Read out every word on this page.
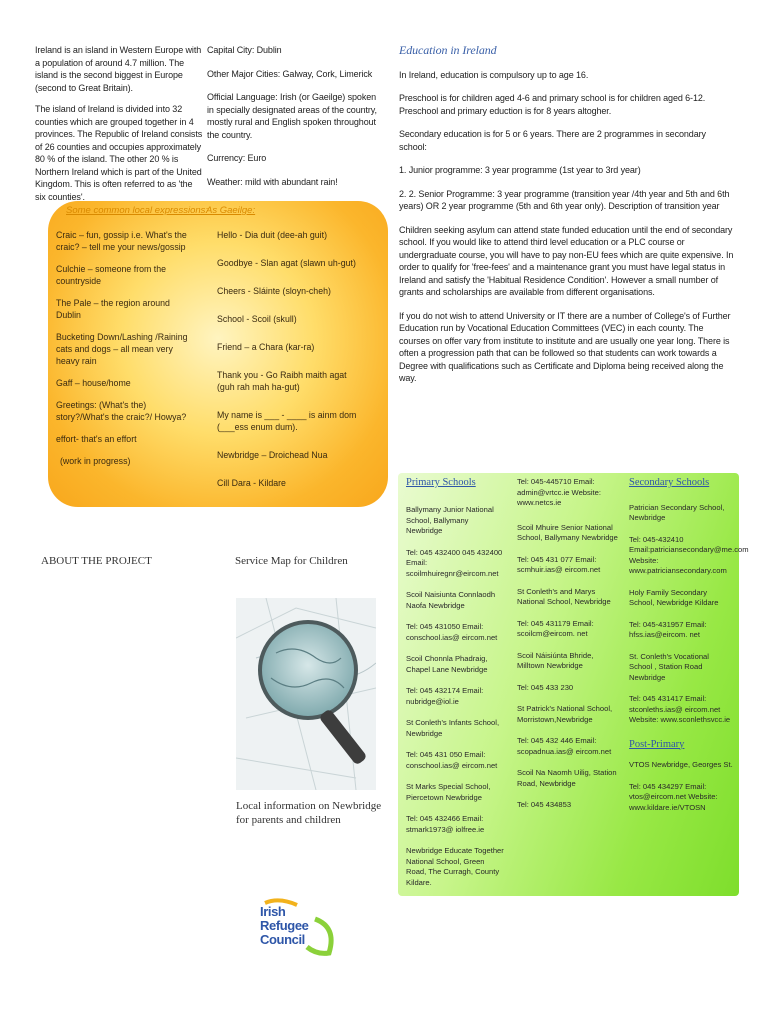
Ireland is an island in Western Europe with a population of around 4.7 million. The island is the second biggest in Europe (second to Great Britain).

The island of Ireland is divided into 32 counties which are grouped together in 4 provinces. The Republic of Ireland consists of 26 counties and occupies approximately 80 % of the island. The other 20 % is Northern Ireland which is part of the United Kingdom. This is often referred to as 'the six counties'.

Capital City: Dublin

Other Major Cities: Galway, Cork, Limerick

Official Language: Irish (or Gaeilge) spoken in specially designated areas of the country, mostly rural and English spoken throughout the country.

Currency: Euro

Weather: mild with abundant rain!

Education in Ireland

In Ireland, education is compulsory up to age 16.

Preschool is for children aged 4-6 and primary school is for children aged 6-12. Preschool and primary eduction is for 8 years altogher.

Secondary education is for 5 or 6 years. There are 2 programmes in secondary school:

1. Junior programme: 3 year programme (1st year to 3rd year)

2. 2. Senior Programme: 3 year programme (transition year /4th year and 5th and 6th years) OR 2 year programme (5th and 6th year only). Description of transition year

Children seeking asylum can attend state funded education until the end of secondary school. If you would like to attend third level education or a PLC course or undergraduate course, you will have to pay non-EU fees which are quite expensive. In order to qualify for 'free-fees' and a maintenance grant you must have legal status in Ireland and satisfy the 'Habitual Residence Condition'. However a small number of grants and scholarships are available from different organisations.

If you do not wish to attend University or IT there are a number of College's of Further Education run by Vocational Education Committees (VEC) in each county. The courses on offer vary from institute to institute and are usually one year long. There is often a progression path that can be followed so that students can work towards a Degree with qualifications such as Certificate and Diploma being received along the way.

Some common local expressions:
As Gaeilge:

Craic – fun, gossip i.e. What's the craic? – tell me your news/gossip

Culchie – someone from the countryside

The Pale – the region around Dublin

Bucketing Down/Lashing /Raining cats and dogs – all mean very heavy rain

Gaff – house/home

Greetings: (What's the) story?/What's the craic?/ Howya?

effort- that's an effort

(work in progress)

Hello - Dia duit (dee-ah guit)

Goodbye - Slan agat (slawn uh-gut)

Cheers - Sláinte (sloyn-cheh)

School - Scoil (skull)

Friend – a Chara (kar-ra)

Thank you - Go Raibh maith agat (guh rah mah ha-gut)

My name is ___ - ____ is ainm dom (___ess enum dum).

Newbridge – Droichead Nua

Cill Dara - Kildare

ABOUT THE PROJECT	Service Map for Children
Local information on Newbridge for parents and children
Primary Schools

Ballymany Junior National School, Ballymany Newbridge

Tel: 045 432400 045 432400 Email: scoilmhuiregnr@eircom.net

Scoil Naisiunta Connlaodh Naofa Newbridge

Tel: 045 431050 Email: conschool.ias@ eircom.net

Scoil Chonnla Phadraig, Chapel Lane Newbridge

Tel: 045 432174 Email: nubridge@iol.ie

St Conleth's Infants School, Newbridge

Tel: 045 431 050 Email: conschool.ias@ eircom.net

St Marks Special School, Piercetown Newbridge

Tel: 045 432466 Email: stmark1973@ iolfree.ie

Newbridge Educate Together National School, Green Road, The Curragh, County Kildare.

Tel: 045-445710 Email: admin@vrtcc.ie Website: www.netcs.ie

Scoil Mhuire Senior National School, Ballymany Newbridge

Tel: 045 431 077 Email: scmhuir.ias@ eircom.net

St Conleth's and Marys National School, Newbridge

Tel: 045 431179 Email: scoilcm@eircom. net

Scoil Náisiúnta Bhride, Milltown Newbridge

Tel: 045 433 230

St Patrick's National School, Morristown,Newbridge

Tel: 045 432 446 Email: scopadnua.ias@ eircom.net

Scoil Na Naomh Uilig, Station Road, Newbridge

Tel: 045 434853

Secondary Schools

Patrician Secondary School, Newbridge

Tel: 045-432410 Email:patriciansecondary@me.com Website: www.patriciansecondary.com

Holy Family Secondary School, Newbridge Kildare

Tel: 045-431957 Email: hfss.ias@eircom. net

St. Conleth's Vocational School , Station Road Newbridge

Tel: 045 431417 Email: stconleths.ias@ eircom.net Website: www.sconlethsvcc.ie

Post-Primary

VTOS Newbridge, Georges St.

Tel: 045 434297 Email: vtos@eircom.net Website: www.kildare.ie/VTOSN

Irish
Refugee
Council
